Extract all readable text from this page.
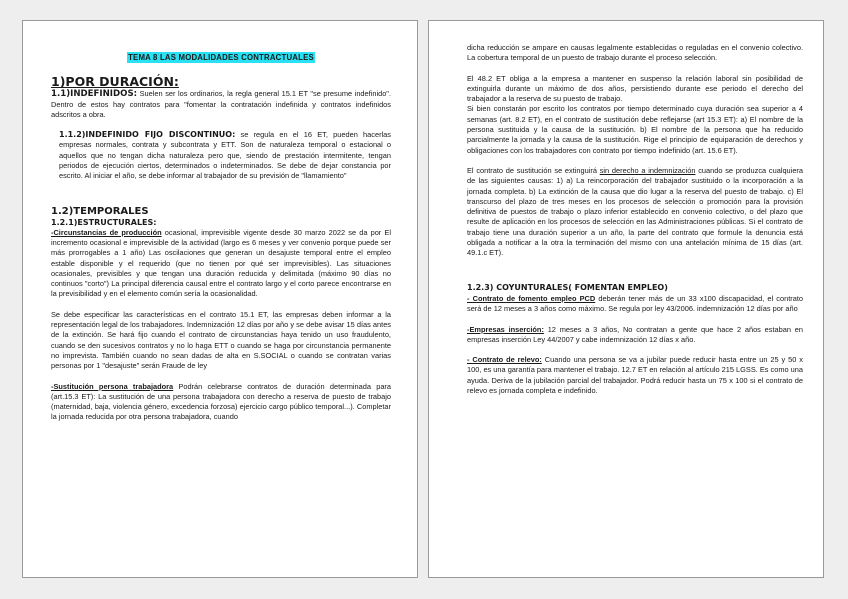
TEMA 8 LAS MODALIDADES CONTRACTUALES

1)POR DURACIÓN:

1.1)INDEFINIDOS: Suelen ser los ordinarios, la regla general 15.1 ET "se presume indefinido". Dentro de estos hay contratos para "fomentar la contratación indefinida y contratos indefinidos adscritos a obra.

1.1.2)INDEFINIDO FIJO DISCONTINUO: se regula en el 16 ET, pueden hacerlas empresas normales, contrata y subcontrata y ETT. Son de naturaleza temporal o estacional o aquellos que no tengan dicha naturaleza pero que, siendo de prestación intermitente, tengan periodos de ejecución ciertos, determinados o indeterminados. Se debe de dejar constancia por escrito. Al iniciar el año, se debe informar al trabajador de su previsión de "llamamiento"

1.2)TEMPORALES
1.2.1)ESTRUCTURALES:

-Circunstancias de producción ocasional, imprevisible vigente desde 30 marzo 2022 se da por El incremento ocasional e imprevisible de la actividad (largo es 6 meses y ver convenio porque puede ser más prorrogables a 1 año) Las oscilaciones que generan un desajuste temporal entre el empleo estable disponible y el requerido (que no tienen por qué ser imprevisibles). Las situaciones ocasionales, previsibles y que tengan una duración reducida y delimitada (máximo 90 días no continuos "corto") La principal diferencia causal entre el contrato largo y el corto parece encontrarse en la previsibilidad y en el elemento común sería la ocasionalidad.

Se debe especificar las características en el contrato 15.1 ET, las empresas deben informar a la representación legal de los trabajadores. Indemnización 12 días por año y se debe avisar 15 días antes de la extinción. Se hará fijo cuando el contrato de circunstancias haya tenido un uso fraudulento, cuando se den sucesivos contratos y no lo haga ETT o cuando se haga por circunstancia permanente no imprevista. También cuando no sean dadas de alta en S.SOCIAL o cuando se contratan varias personas por 1 "desajuste" serán Fraude de ley

-Sustitución persona trabajadora Podrán celebrarse contratos de duración determinada para (art.15.3 ET): La sustitución de una persona trabajadora con derecho a reserva de puesto de trabajo (maternidad, baja, violencia género, excedencia forzosa) ejercicio cargo público temporal...). Completar la jornada reducida por otra persona trabajadora, cuando

dicha reducción se ampare en causas legalmente establecidas o reguladas en el convenio colectivo. La cobertura temporal de un puesto de trabajo durante el proceso selección.

El 48.2 ET obliga a la empresa a mantener en suspenso la relación laboral sin posibilidad de extinguirla durante un máximo de dos años, persistiendo durante ese periodo el derecho del trabajador a la reserva de su puesto de trabajo.

Si bien constarán por escrito los contratos por tiempo determinado cuya duración sea superior a 4 semanas (art. 8.2 ET), en el contrato de sustitución debe reflejarse (art 15.3 ET): a) El nombre de la persona sustituida y la causa de la sustitución. b) El nombre de la persona que ha reducido parcialmente la jornada y la causa de la sustitución. Rige el principio de equiparación de derechos y obligaciones con los trabajadores con contrato por tiempo indefinido (art. 15.6 ET).

El contrato de sustitución se extinguirá sin derecho a indemnización cuando se produzca cualquiera de las siguientes causas: 1) a) La reincorporación del trabajador sustituido o la incorporación a la jornada completa. b) La extinción de la causa que dio lugar a la reserva del puesto de trabajo. c) El transcurso del plazo de tres meses en los procesos de selección o promoción para la provisión definitiva de puestos de trabajo o plazo inferior establecido en convenio colectivo, o del plazo que resulte de aplicación en los procesos de selección en las Administraciones públicas. Si el contrato de trabajo tiene una duración superior a un año, la parte del contrato que formule la denuncia está obligada a notificar a la otra la terminación del mismo con una antelación mínima de 15 días (art. 49.1.c ET).

1.2.3) COYUNTURALES( FOMENTAN EMPLEO)

- Contrato de fomento empleo PCD deberán tener más de un 33 x100 discapacidad, el contrato será de 12 meses a 3 años como máximo. Se regula por ley 43/2006. indemnización 12 días por año

-Empresas inserción: 12 meses a 3 años, No contratan a gente que hace 2 años estaban en empresas inserción Ley 44/2007 y cabe indemnización 12 días x año.

- Contrato de relevo: Cuando una persona se va a jubilar puede reducir hasta entre un 25 y 50 x 100, es una garantía para mantener el trabajo. 12.7 ET en relación al artículo 215 LGSS. Es como una ayuda. Deriva de la jubilación parcial del trabajador. Podrá reducir hasta un 75 x 100 si el contrato de relevo es jornada completa e indefinido.
